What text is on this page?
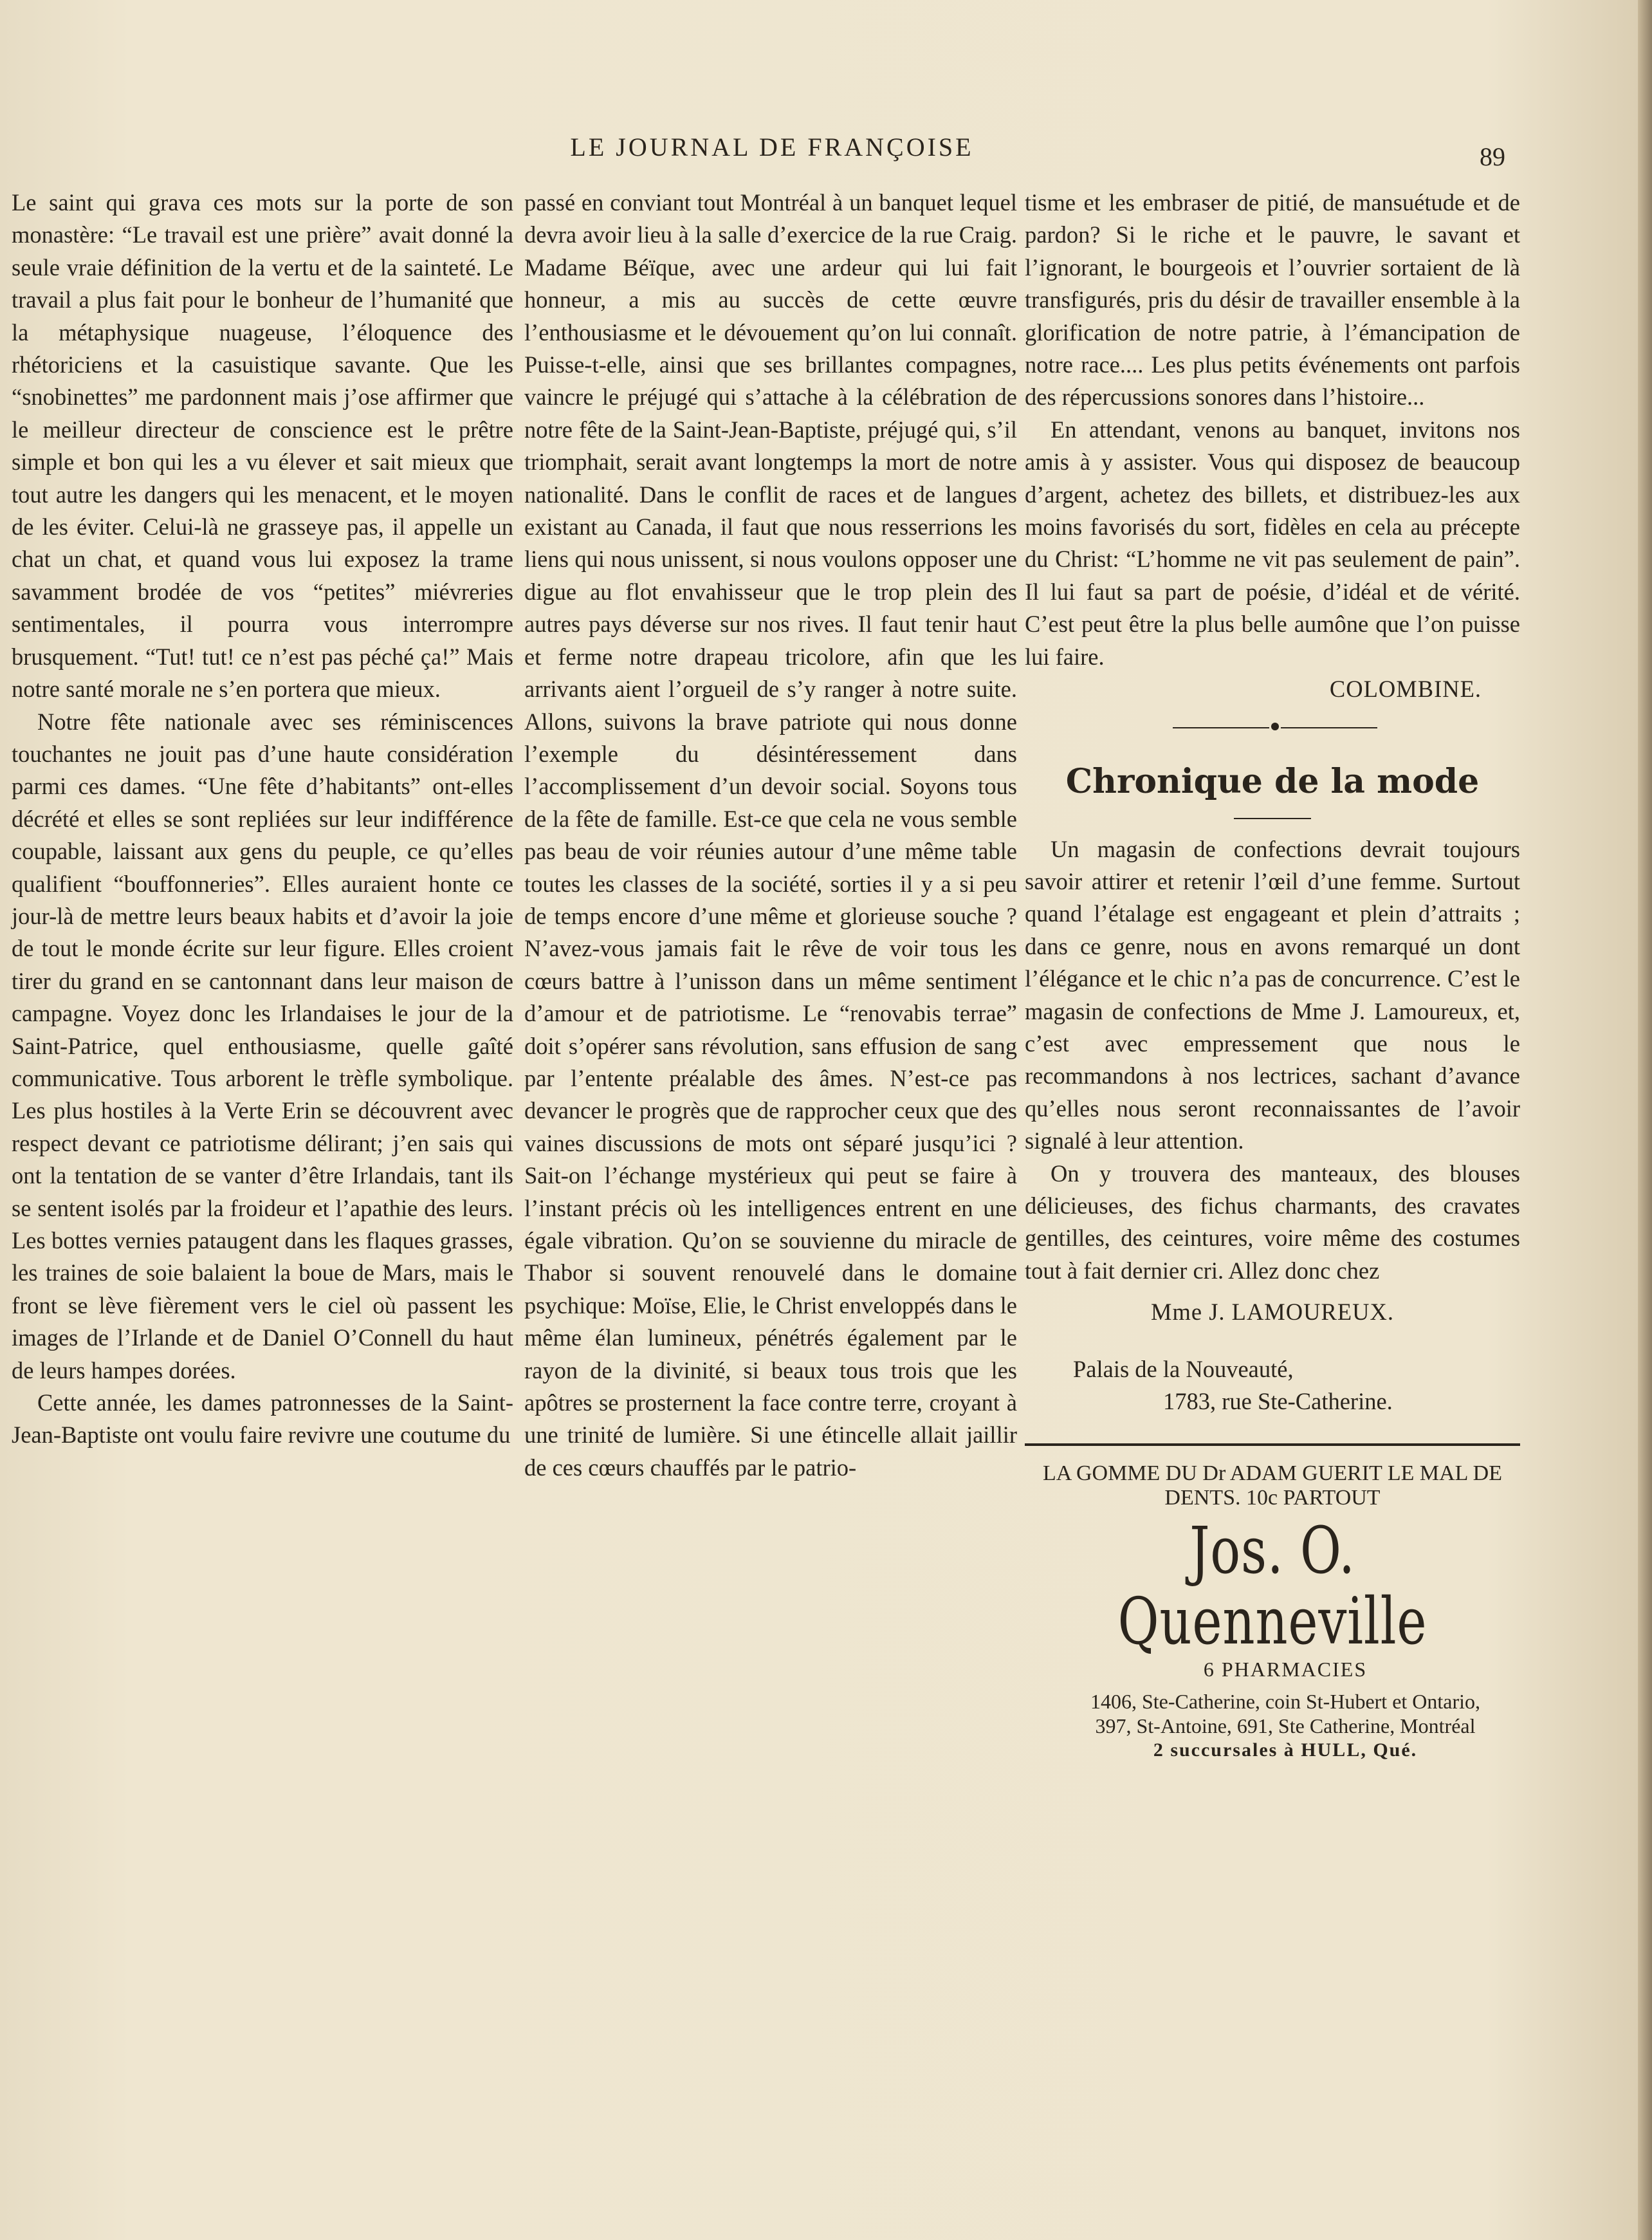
LE JOURNAL DE FRANÇOISE	89

Le saint qui grava ces mots sur la porte de son monastère: “Le travail est une prière” avait donné la seule vraie définition de la vertu et de la sainteté. Le travail a plus fait pour le bonheur de l’humanité que la métaphysique nuageuse, l’éloquence des rhétoriciens et la casuistique savante. Que les “snobinettes” me pardonnent mais j’ose affirmer que le meilleur directeur de conscience est le prêtre simple et bon qui les a vu élever et sait mieux que tout autre les dangers qui les menacent, et le moyen de les éviter. Celui-là ne grasseye pas, il appelle un chat un chat, et quand vous lui exposez la trame savamment brodée de vos “petites” miévreries sentimentales, il pourra vous interrompre brusquement. “Tut! tut! ce n’est pas péché ça!” Mais notre santé morale ne s’en portera que mieux.

Notre fête nationale avec ses réminiscences touchantes ne jouit pas d’une haute considération parmi ces dames. “Une fête d’habitants” ont-elles décrété et elles se sont repliées sur leur indifférence coupable, laissant aux gens du peuple, ce qu’elles qualifient “bouffonneries”. Elles auraient honte ce jour-là de mettre leurs beaux habits et d’avoir la joie de tout le monde écrite sur leur figure. Elles croient tirer du grand en se cantonnant dans leur maison de campagne. Voyez donc les Irlandaises le jour de la Saint-Patrice, quel enthousiasme, quelle gaîté communicative. Tous arborent le trèfle symbolique. Les plus hostiles à la Verte Erin se découvrent avec respect devant ce patriotisme délirant; j’en sais qui ont la tentation de se vanter d’être Irlandais, tant ils se sentent isolés par la froideur et l’apathie des leurs. Les bottes vernies pataugent dans les flaques grasses, les traines de soie balaient la boue de Mars, mais le front se lève fièrement vers le ciel où passent les images de l’Irlande et de Daniel O’Connell du haut de leurs hampes dorées.

Cette année, les dames patronnesses de la Saint-Jean-Baptiste ont voulu faire revivre une coutume du

passé en conviant tout Montréal à un banquet lequel devra avoir lieu à la salle d’exercice de la rue Craig. Madame Béïque, avec une ardeur qui lui fait honneur, a mis au succès de cette œuvre l’enthousiasme et le dévouement qu’on lui connaît. Puisse-t-elle, ainsi que ses brillantes compagnes, vaincre le préjugé qui s’attache à la célébration de notre fête de la Saint-Jean-Baptiste, préjugé qui, s’il triomphait, serait avant longtemps la mort de notre nationalité. Dans le conflit de races et de langues existant au Canada, il faut que nous resserrions les liens qui nous unissent, si nous voulons opposer une digue au flot envahisseur que le trop plein des autres pays déverse sur nos rives. Il faut tenir haut et ferme notre drapeau tricolore, afin que les arrivants aient l’orgueil de s’y ranger à notre suite. Allons, suivons la brave patriote qui nous donne l’exemple du désintéressement dans l’accomplissement d’un devoir social. Soyons tous de la fête de famille. Est-ce que cela ne vous semble pas beau de voir réunies autour d’une même table toutes les classes de la société, sorties il y a si peu de temps encore d’une même et glorieuse souche ? N’avez-vous jamais fait le rêve de voir tous les cœurs battre à l’unisson dans un même sentiment d’amour et de patriotisme. Le “renovabis terrae” doit s’opérer sans révolution, sans effusion de sang par l’entente préalable des âmes. N’est-ce pas devancer le progrès que de rapprocher ceux que des vaines discussions de mots ont séparé jusqu’ici ? Sait-on l’échange mystérieux qui peut se faire à l’instant précis où les intelligences entrent en une égale vibration. Qu’on se souvienne du miracle de Thabor si souvent renouvelé dans le domaine psychique: Moïse, Elie, le Christ enveloppés dans le même élan lumineux, pénétrés également par le rayon de la divinité, si beaux tous trois que les apôtres se prosternent la face contre terre, croyant à une trinité de lumière. Si une étincelle allait jaillir de ces cœurs chauffés par le patrio-

tisme et les embraser de pitié, de mansuétude et de pardon? Si le riche et le pauvre, le savant et l’ignorant, le bourgeois et l’ouvrier sortaient de là transfigurés, pris du désir de travailler ensemble à la glorification de notre patrie, à l’émancipation de notre race.... Les plus petits événements ont parfois des répercussions sonores dans l’histoire...

En attendant, venons au banquet, invitons nos amis à y assister. Vous qui disposez de beaucoup d’argent, achetez des billets, et distribuez-les aux moins favorisés du sort, fidèles en cela au précepte du Christ: “L’homme ne vit pas seulement de pain”. Il lui faut sa part de poésie, d’idéal et de vérité. C’est peut être la plus belle aumône que l’on puisse lui faire.

COLOMBINE.

Chronique de la mode

Un magasin de confections devrait toujours savoir attirer et retenir l’œil d’une femme. Surtout quand l’étalage est engageant et plein d’attraits ; dans ce genre, nous en avons remarqué un dont l’élégance et le chic n’a pas de concurrence. C’est le magasin de confections de Mme J. Lamoureux, et, c’est avec empressement que nous le recommandons à nos lectrices, sachant d’avance qu’elles nous seront reconnaissantes de l’avoir signalé à leur attention.

On y trouvera des manteaux, des blouses délicieuses, des fichus charmants, des cravates gentilles, des ceintures, voire même des costumes tout à fait dernier cri. Allez donc chez

Mme J. LAMOUREUX.

Palais de la Nouveauté,

1783, rue Ste-Catherine.

LA GOMME DU Dr ADAM GUERIT LE MAL DE DENTS. 10c PARTOUT

Jos. O. Quenneville

6 PHARMACIES

1406, Ste-Catherine, coin St-Hubert et Ontario,

397, St-Antoine, 691, Ste Catherine, Montréal

2 succursales à HULL, Qué.
